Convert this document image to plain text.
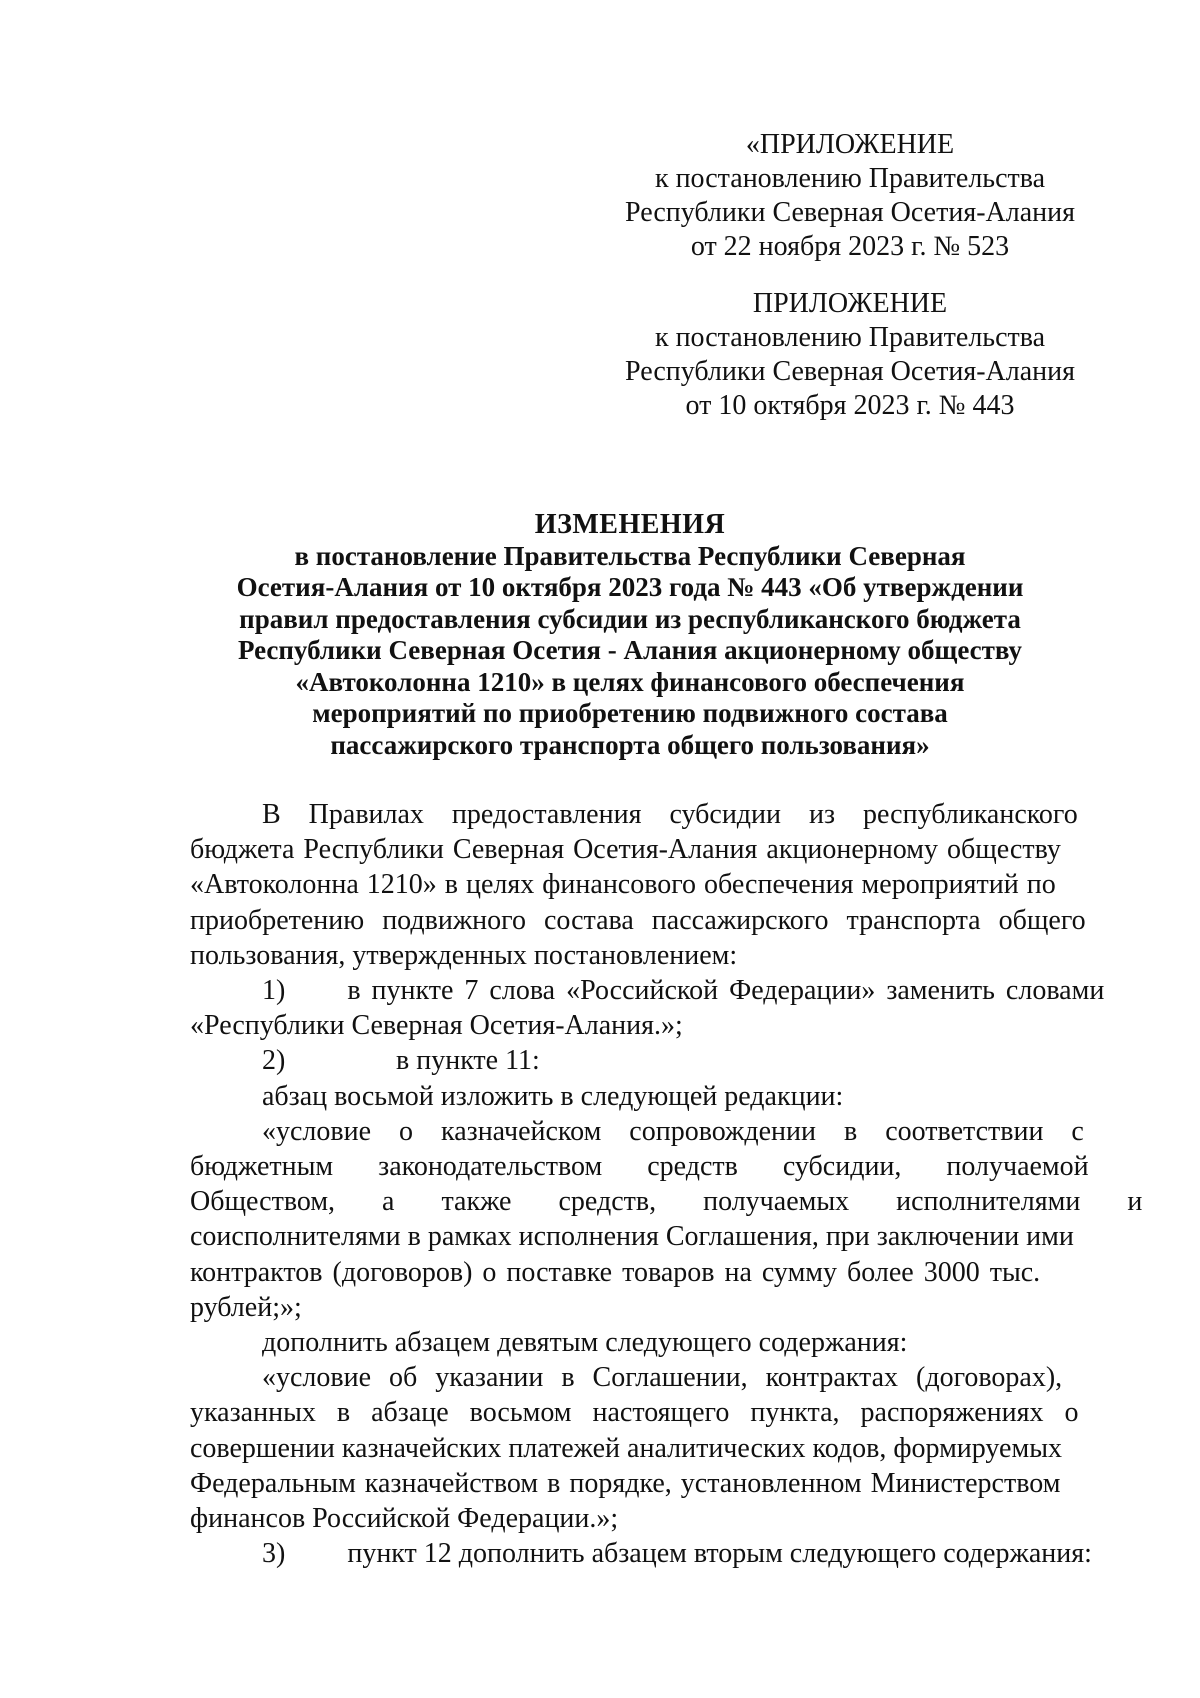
«ПРИЛОЖЕНИЕ
к постановлению Правительства
Республики Северная Осетия-Алания
от 22 ноября 2023 г. № 523
ПРИЛОЖЕНИЕ
к постановлению Правительства
Республики Северная Осетия-Алания
от 10 октября 2023 г. № 443
ИЗМЕНЕНИЯ
в постановление Правительства Республики Северная
Осетия-Алания от 10 октября 2023 года № 443 «Об утверждении
правил предоставления субсидии из республиканского бюджета
Республики Северная Осетия - Алания акционерному обществу
«Автоколонна 1210» в целях финансового обеспечения
мероприятий по приобретению подвижного состава
пассажирского транспорта общего пользования»
В Правилах предоставления субсидии из республиканского
бюджета Республики Северная Осетия-Алания акционерному обществу
«Автоколонна 1210» в целях финансового обеспечения мероприятий по
приобретению подвижного состава пассажирского транспорта общего
пользования, утвержденных постановлением:
1)	в пункте 7 слова «Российской Федерации» заменить словами
«Республики Северная Осетия-Алания.»;
2)	в пункте 11:
абзац восьмой изложить в следующей редакции:
«условие о казначейском сопровождении в соответствии с
бюджетным законодательством средств субсидии, получаемой
Обществом, а также средств, получаемых исполнителями и
соисполнителями в рамках исполнения Соглашения, при заключении ими
контрактов (договоров) о поставке товаров на сумму более 3000 тыс.
рублей;»;
дополнить абзацем девятым следующего содержания:
«условие об указании в Соглашении, контрактах (договорах),
указанных в абзаце восьмом настоящего пункта, распоряжениях о
совершении казначейских платежей аналитических кодов, формируемых
Федеральным казначейством в порядке, установленном Министерством
финансов Российской Федерации.»;
3)	пункт 12 дополнить абзацем вторым следующего содержания:
